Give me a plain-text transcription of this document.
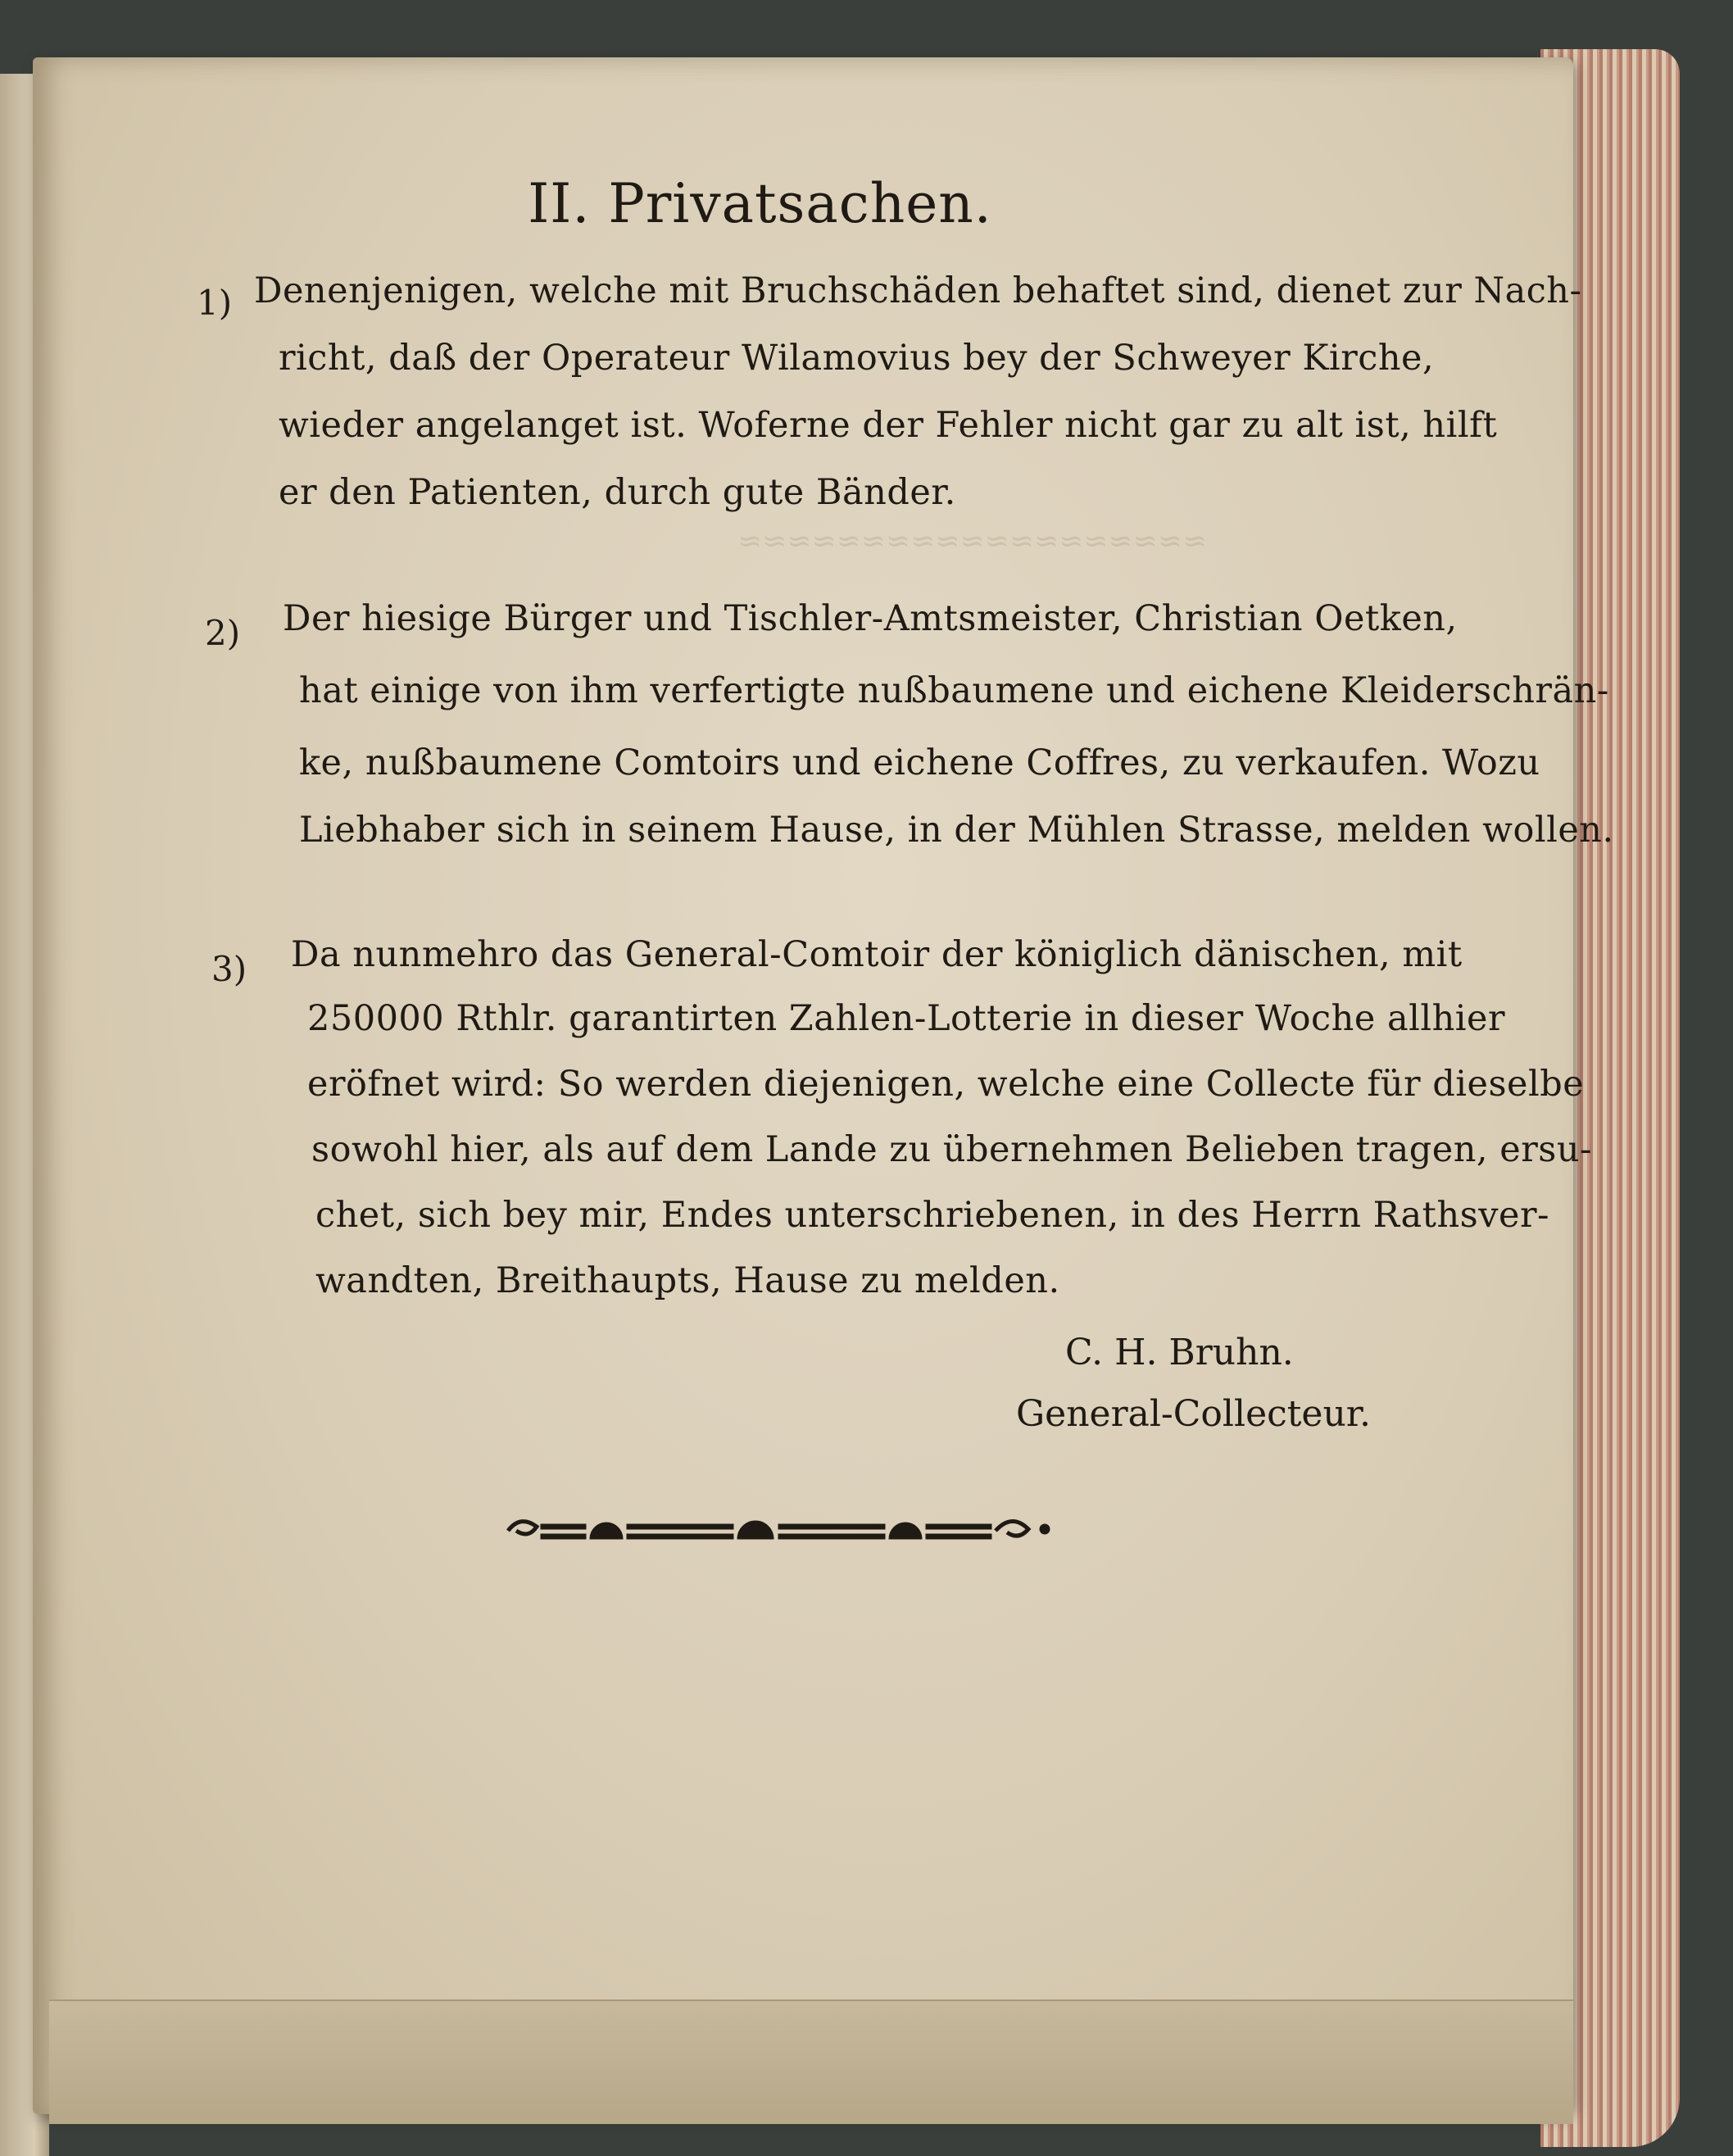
≈≈≈≈≈≈≈≈≈≈≈≈≈≈≈≈≈≈≈
II. Privatsachen.
1) Denenjenigen, welche mit Bruchschäden behaftet sind, dienet zur Nach-
richt, daß der Operateur Wilamovius bey der Schweyer Kirche,
wieder angelanget ist. Woferne der Fehler nicht gar zu alt ist, hilft
er den Patienten, durch gute Bänder.
2) Der hiesige Bürger und Tischler-Amtsmeister, Christian Oetken,
hat einige von ihm verfertigte nußbaumene und eichene Kleiderschrän-
ke, nußbaumene Comtoirs und eichene Coffres, zu verkaufen. Wozu
Liebhaber sich in seinem Hause, in der Mühlen Strasse, melden wollen.
3) Da nunmehro das General-Comtoir der königlich dänischen, mit
250000 Rthlr. garantirten Zahlen-Lotterie in dieser Woche allhier
eröfnet wird: So werden diejenigen, welche eine Collecte für dieselbe
sowohl hier, als auf dem Lande zu übernehmen Belieben tragen, ersu-
chet, sich bey mir, Endes unterschriebenen, in des Herrn Rathsver-
wandten, Breithaupts, Hause zu melden.
C. H. Bruhn.
General-Collecteur.
